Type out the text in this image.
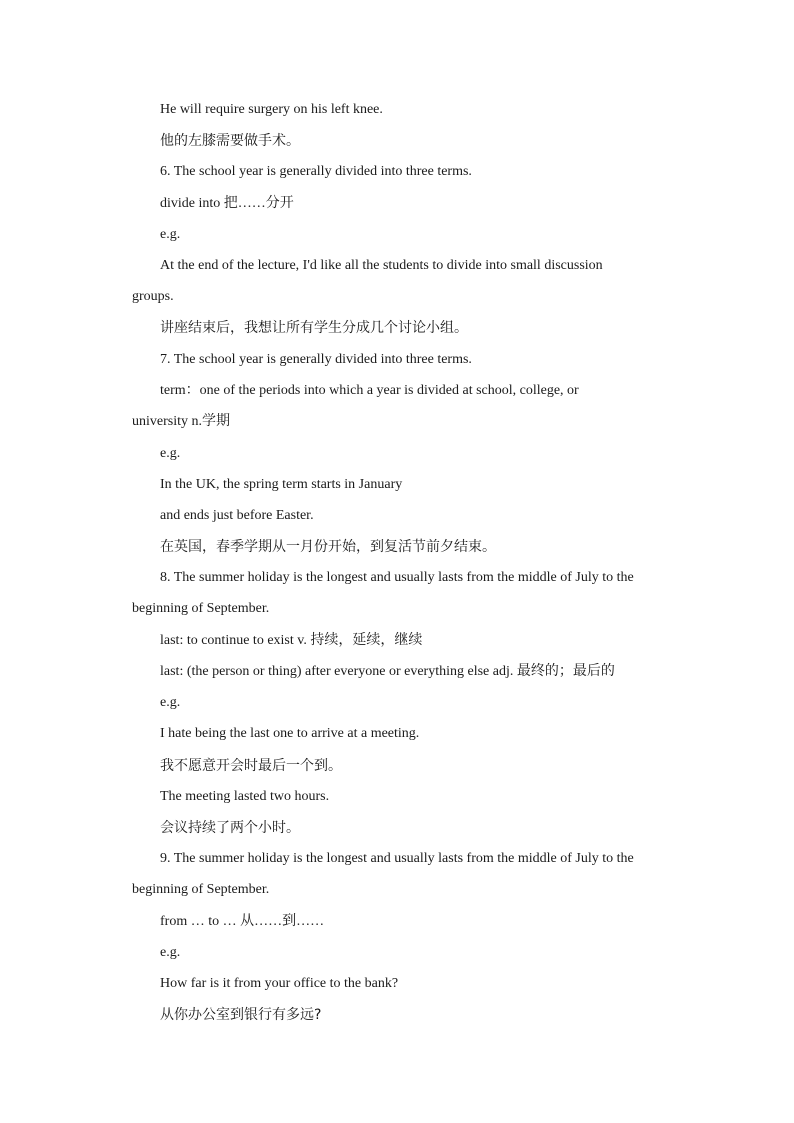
He will require surgery on his left knee.

他的左膝需要做手术。

6. The school year is generally divided into three terms.

divide into 把……分开

e.g.

At the end of the lecture, I'd like all the students to divide into small discussion

groups.

讲座结束后，我想让所有学生分成几个讨论小组。

7. The school year is generally divided into three terms.

term：one of the periods into which a year is divided at school, college, or

university n.学期

e.g.

In the UK, the spring term starts in January

and ends just before Easter.

在英国，春季学期从一月份开始，到复活节前夕结束。

8. The summer holiday is the longest and usually lasts from the middle of July to the

beginning of September.

last: to continue to exist v. 持续，延续，继续

last: (the person or thing) after everyone or everything else adj. 最终的；最后的

e.g.

I hate being the last one to arrive at a meeting.

我不愿意开会时最后一个到。

The meeting lasted two hours.

会议持续了两个小时。

9. The summer holiday is the longest and usually lasts from the middle of July to the

beginning of September.

from … to … 从……到……

e.g.

How far is it from your office to the bank?

从你办公室到银行有多远?
